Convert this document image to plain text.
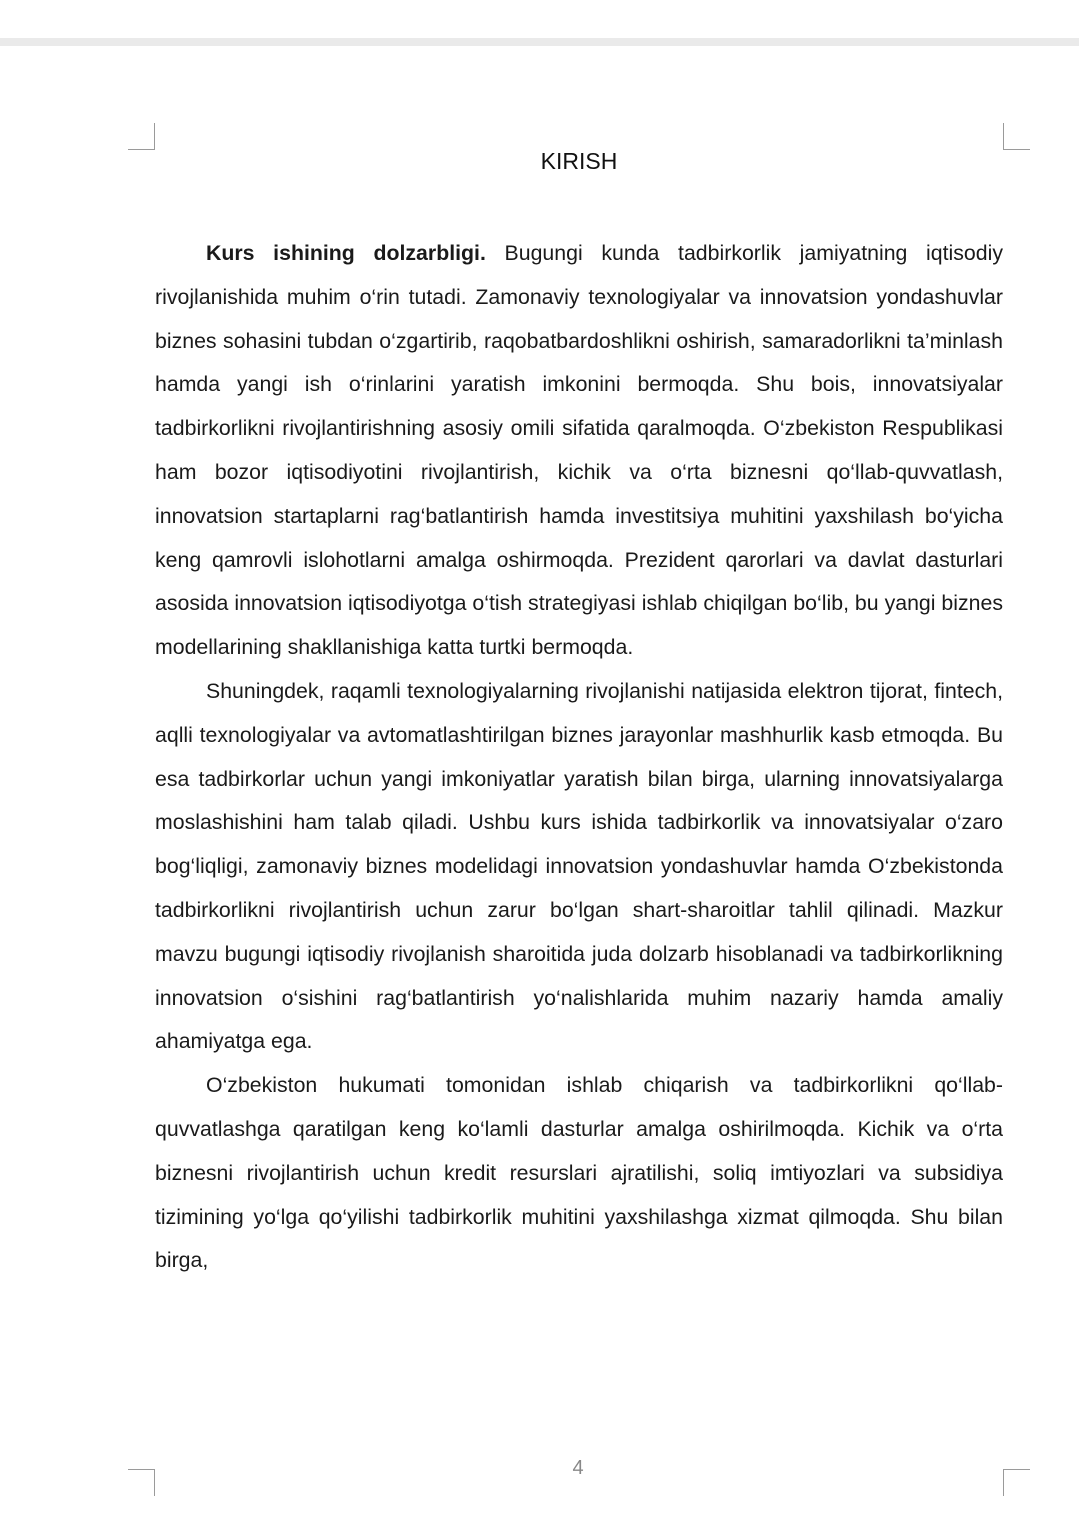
KIRISH

Kurs ishining dolzarbligi. Bugungi kunda tadbirkorlik jamiyatning iqtisodiy rivojlanishida muhim o‘rin tutadi. Zamonaviy texnologiyalar va innovatsion yondashuvlar biznes sohasini tubdan o‘zgartirib, raqobatbardoshlikni oshirish, samaradorlikni ta’minlash hamda yangi ish o‘rinlarini yaratish imkonini bermoqda. Shu bois, innovatsiyalar tadbirkorlikni rivojlantirishning asosiy omili sifatida qaralmoqda. O‘zbekiston Respublikasi ham bozor iqtisodiyotini rivojlantirish, kichik va o‘rta biznesni qo‘llab-quvvatlash, innovatsion startaplarni rag‘batlantirish hamda investitsiya muhitini yaxshilash bo‘yicha keng qamrovli islohotlarni amalga oshirmoqda. Prezident qarorlari va davlat dasturlari asosida innovatsion iqtisodiyotga o‘tish strategiyasi ishlab chiqilgan bo‘lib, bu yangi biznes modellarining shakllanishiga katta turtki bermoqda.

Shuningdek, raqamli texnologiyalarning rivojlanishi natijasida elektron tijorat, fintech, aqlli texnologiyalar va avtomatlashtirilgan biznes jarayonlar mashhurlik kasb etmoqda. Bu esa tadbirkorlar uchun yangi imkoniyatlar yaratish bilan birga, ularning innovatsiyalarga moslashishini ham talab qiladi. Ushbu kurs ishida tadbirkorlik va innovatsiyalar o‘zaro bog‘liqligi, zamonaviy biznes modelidagi innovatsion yondashuvlar hamda O‘zbekistonda tadbirkorlikni rivojlantirish uchun zarur bo‘lgan shart-sharoitlar tahlil qilinadi. Mazkur mavzu bugungi iqtisodiy rivojlanish sharoitida juda dolzarb hisoblanadi va tadbirkorlikning innovatsion o‘sishini rag‘batlantirish yo‘nalishlarida muhim nazariy hamda amaliy ahamiyatga ega.

O‘zbekiston hukumati tomonidan ishlab chiqarish va tadbirkorlikni qo‘llab-quvvatlashga qaratilgan keng ko‘lamli dasturlar amalga oshirilmoqda. Kichik va o‘rta biznesni rivojlantirish uchun kredit resurslari ajratilishi, soliq imtiyozlari va subsidiya tizimining yo‘lga qo‘yilishi tadbirkorlik muhitini yaxshilashga xizmat qilmoqda. Shu bilan birga,

4
